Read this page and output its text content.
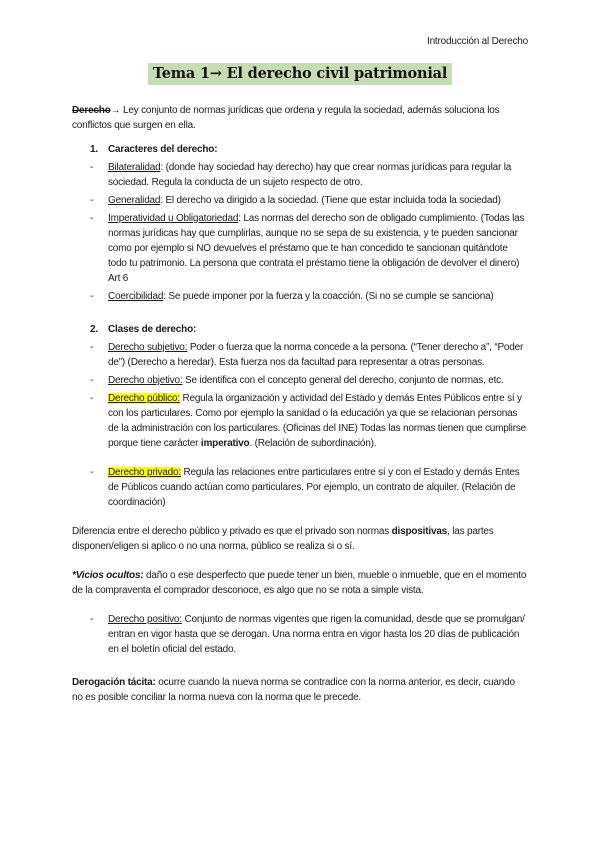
Introducción al Derecho
Tema 1→ El derecho civil patrimonial

Derecho→ Ley conjunto de normas jurídicas que ordena y regula la sociedad, además soluciona los conflictos que surgen en ella.

1.	Caracteres del derecho:
-	Bilateralidad: (donde hay sociedad hay derecho) hay que crear normas jurídicas para regular la sociedad. Regula la conducta de un sujeto respecto de otro.
-	Generalidad: El derecho va dirigido a la sociedad. (Tiene que estar incluida toda la sociedad)
-	Imperatividad u Obligatoriedad: Las normas del derecho son de obligado cumplimiento. (Todas las normas jurídicas hay que cumplirlas, aunque no se sepa de su existencia, y te pueden sancionar como por ejemplo si NO devuelves el préstamo que te han concedido te sancionan quitándote todo tu patrimonio. La persona que contrata el préstamo tiene la obligación de devolver el dinero) Art 6
-	Coercibilidad: Se puede imponer por la fuerza y la coacción. (Si no se cumple se sanciona)
2.	Clases de derecho:
-	Derecho subjetivo: Poder o fuerza que la norma concede a la persona. (“Tener derecho a”, “Poder de”) (Derecho a heredar). Esta fuerza nos da facultad para representar a otras personas.
-	Derecho objetivo: Se identifica con el concepto general del derecho, conjunto de normas, etc.
-	Derecho público: Regula la organización y actividad del Estado y demás Entes Públicos entre sí y con los particulares. Como por ejemplo la sanidad o la educación ya que se relacionan personas de la administración con los particulares. (Oficinas del INE) Todas las normas tienen que cumplirse porque tiene carácter imperativo. (Relación de subordinación).
-	Derecho privado: Regula las relaciones entre particulares entre sí y con el Estado y demás Entes de Públicos cuando actúan como particulares. Por ejemplo, un contrato de alquiler. (Relación de coordinación)

Diferencia entre el derecho público y privado es que el privado son normas dispositivas, las partes disponen/eligen si aplico o no una norma, público se realiza si o sí.

*Vicios ocultos: daño o ese desperfecto que puede tener un bien, mueble o inmueble, que en el momento de la compraventa el comprador desconoce, es algo que no se nota a simple vista.

-	Derecho positivo: Conjunto de normas vigentes que rigen la comunidad, desde que se promulgan/ entran en vigor hasta que se derogan. Una norma entra en vigor hasta los 20 días de publicación en el boletín oficial del estado.

Derogación tácita: ocurre cuando la nueva norma se contradice con la norma anterior, es decir, cuando no es posible conciliar la norma nueva con la norma que le precede.
